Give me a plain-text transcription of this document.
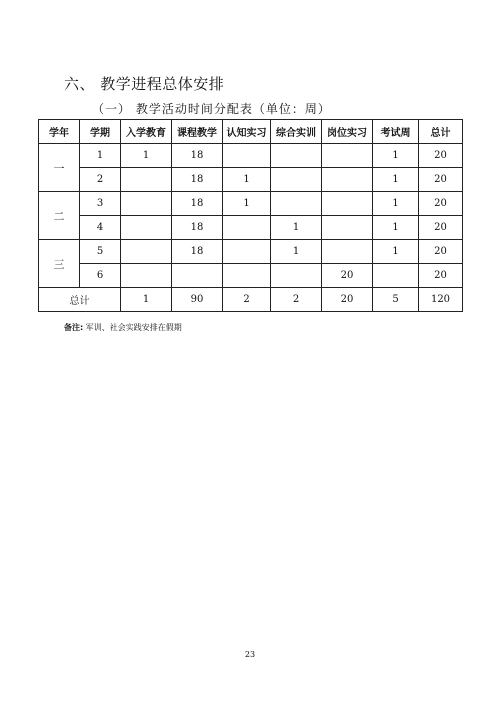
六、 教学进程总体安排
（一） 教学活动时间分配表（单位：周）
学年	学期	入学教育	课程教学	认知实习	综合实训	岗位实习	考试周	总计
一	1	1	18				1	20
	2		18	1			1	20
二	3		18	1			1	20
	4		18		1		1	20
三	5		18		1		1	20
	6					20		20
总计		1	90	2	2	20	5	120
备注: 军训、社会实践安排在假期
23
